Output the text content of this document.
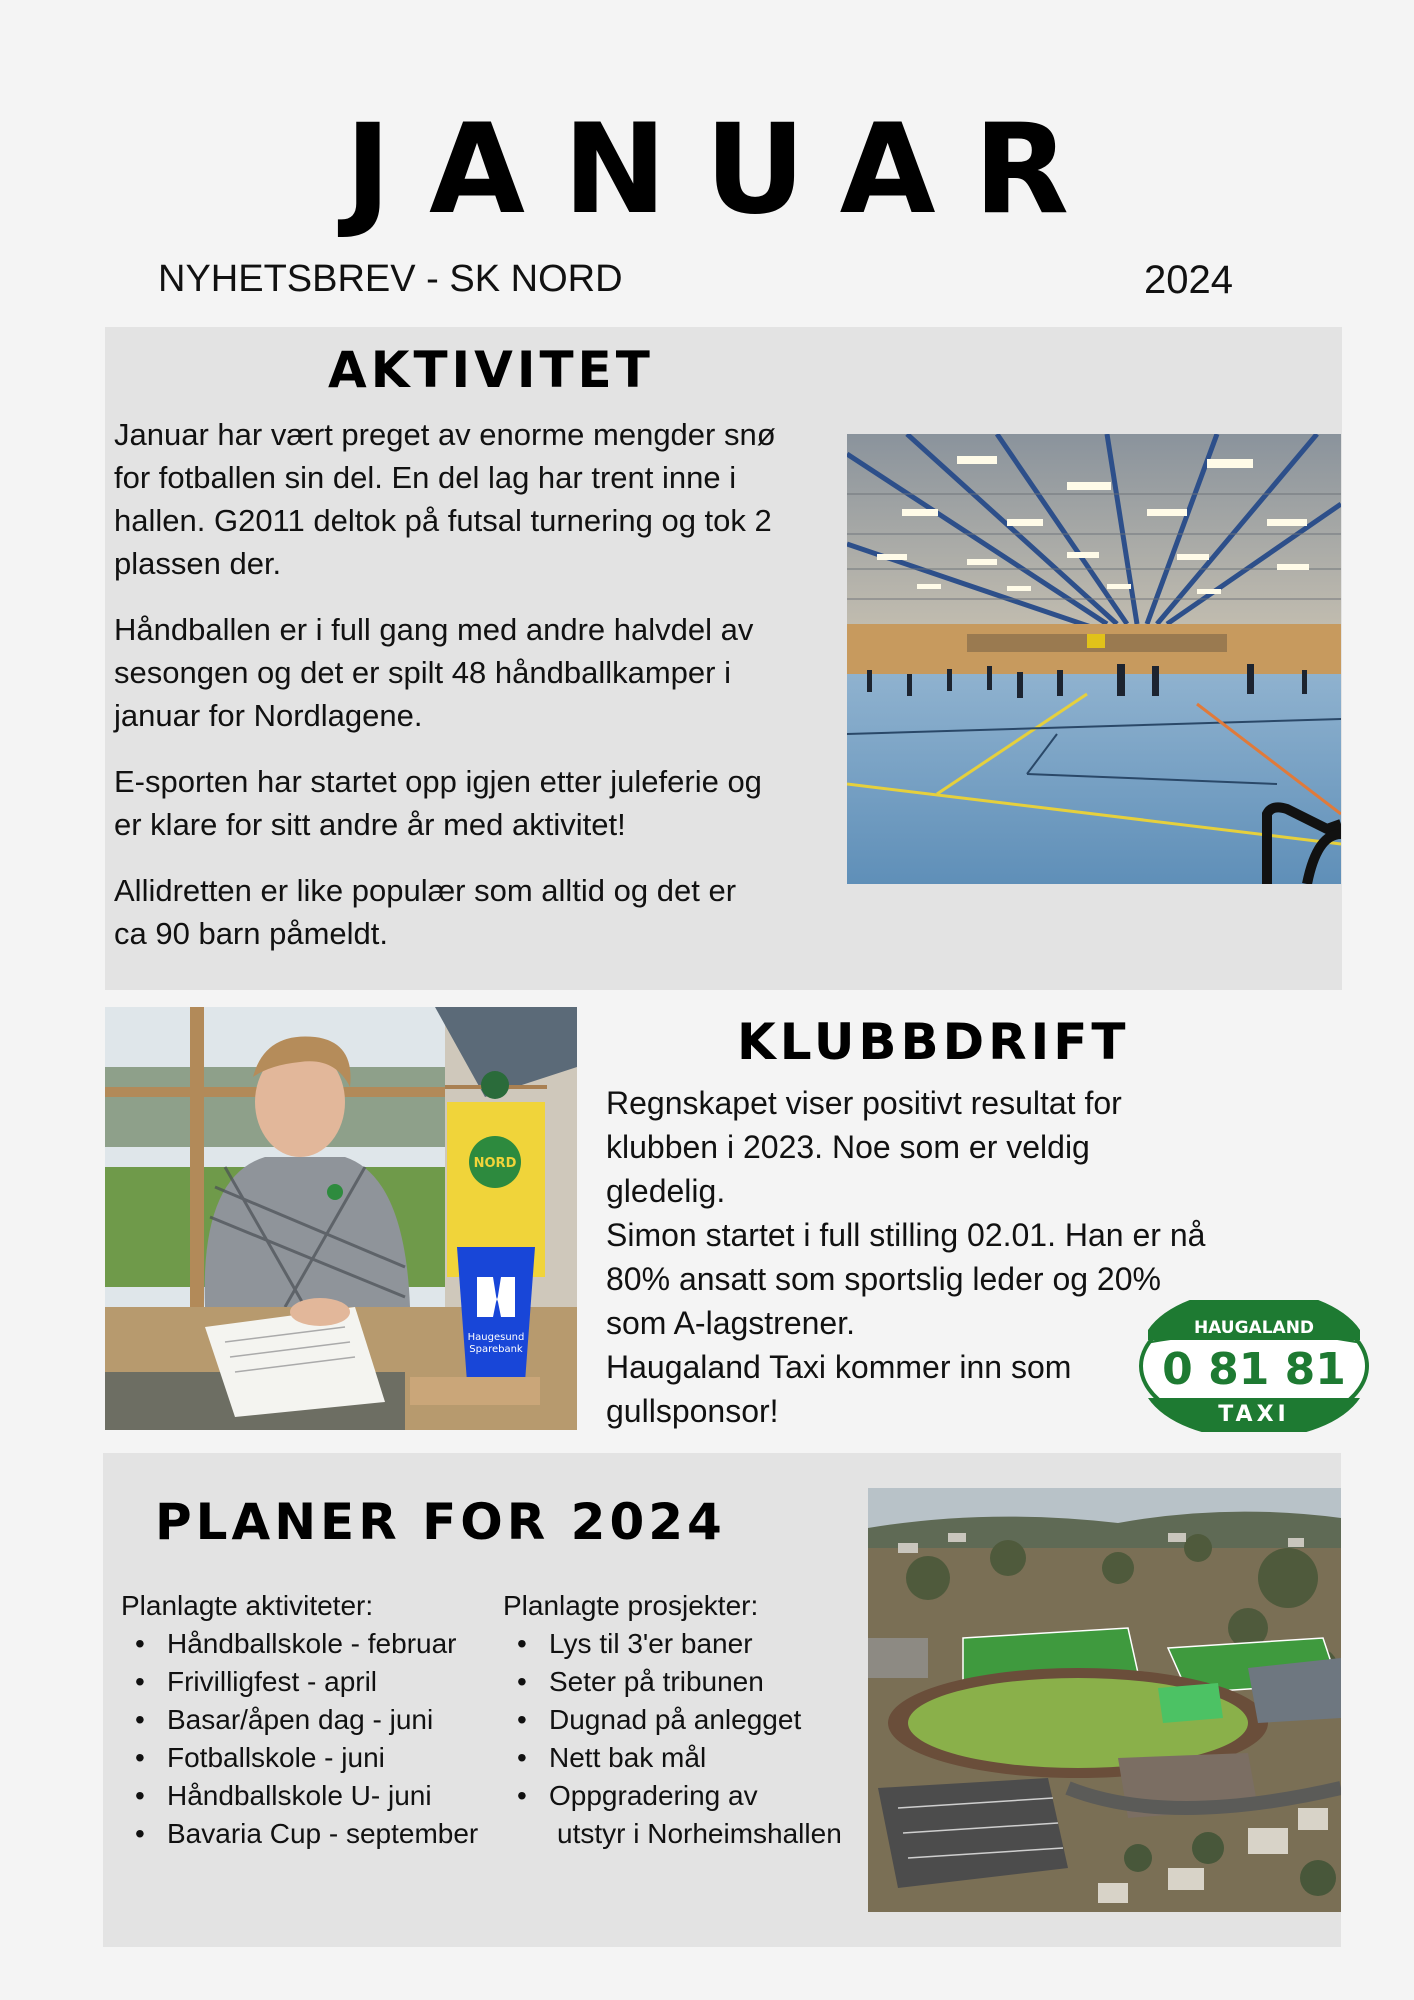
JANUAR
NYHETSBREV - SK NORD	2024
AKTIVITET

Januar har vært preget av enorme mengder snø
for fotballen sin del. En del lag har trent inne i
hallen. G2011 deltok på futsal turnering og tok 2
plassen der.

Håndballen er i full gang med andre halvdel av
sesongen og det er spilt 48 håndballkamper i
januar for Nordlagene.

E-sporten har startet opp igjen etter juleferie og
er klare for sitt andre år med aktivitet!

Allidretten er like populær som alltid og det er
ca 90 barn påmeldt.

NORD
Haugesund
Sparebank
KLUBBDRIFT
Regnskapet viser positivt resultat for
klubben i 2023. Noe som er veldig
gledelig.
Simon startet i full stilling 02.01. Han er nå
80% ansatt som sportslig leder og 20%
som A-lagstrener.
Haugaland Taxi kommer inn som
gullsponsor!
HAUGALAND
0 81 81
TAXI
PLANER FOR 2024
Planlagte aktiviteter:
• Håndballskole - februar
• Frivilligfest - april
• Basar/åpen dag - juni
• Fotballskole - juni
• Håndballskole U- juni
• Bavaria Cup - september
Planlagte prosjekter:
• Lys til 3'er baner
• Seter på tribunen
• Dugnad på anlegget
• Nett bak mål
• Oppgradering av
utstyr i Norheimshallen
